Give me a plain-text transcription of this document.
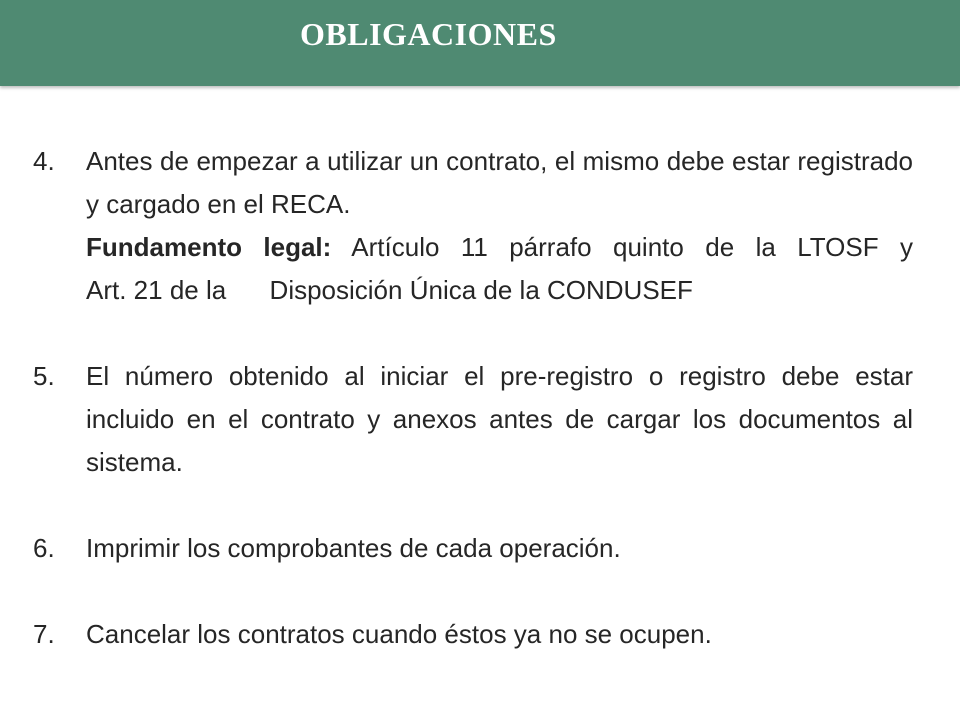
OBLIGACIONES
4. Antes de empezar a utilizar un contrato, el mismo debe estar registrado y cargado en el RECA.
Fundamento legal: Artículo 11 párrafo quinto de la LTOSF y
Art. 21 de la      Disposición Única de la CONDUSEF
5. El número obtenido al iniciar el pre-registro o registro debe estar incluido en el contrato y anexos antes de cargar los documentos al sistema.
6. Imprimir los comprobantes de cada operación.
7. Cancelar los contratos cuando éstos ya no se ocupen.
